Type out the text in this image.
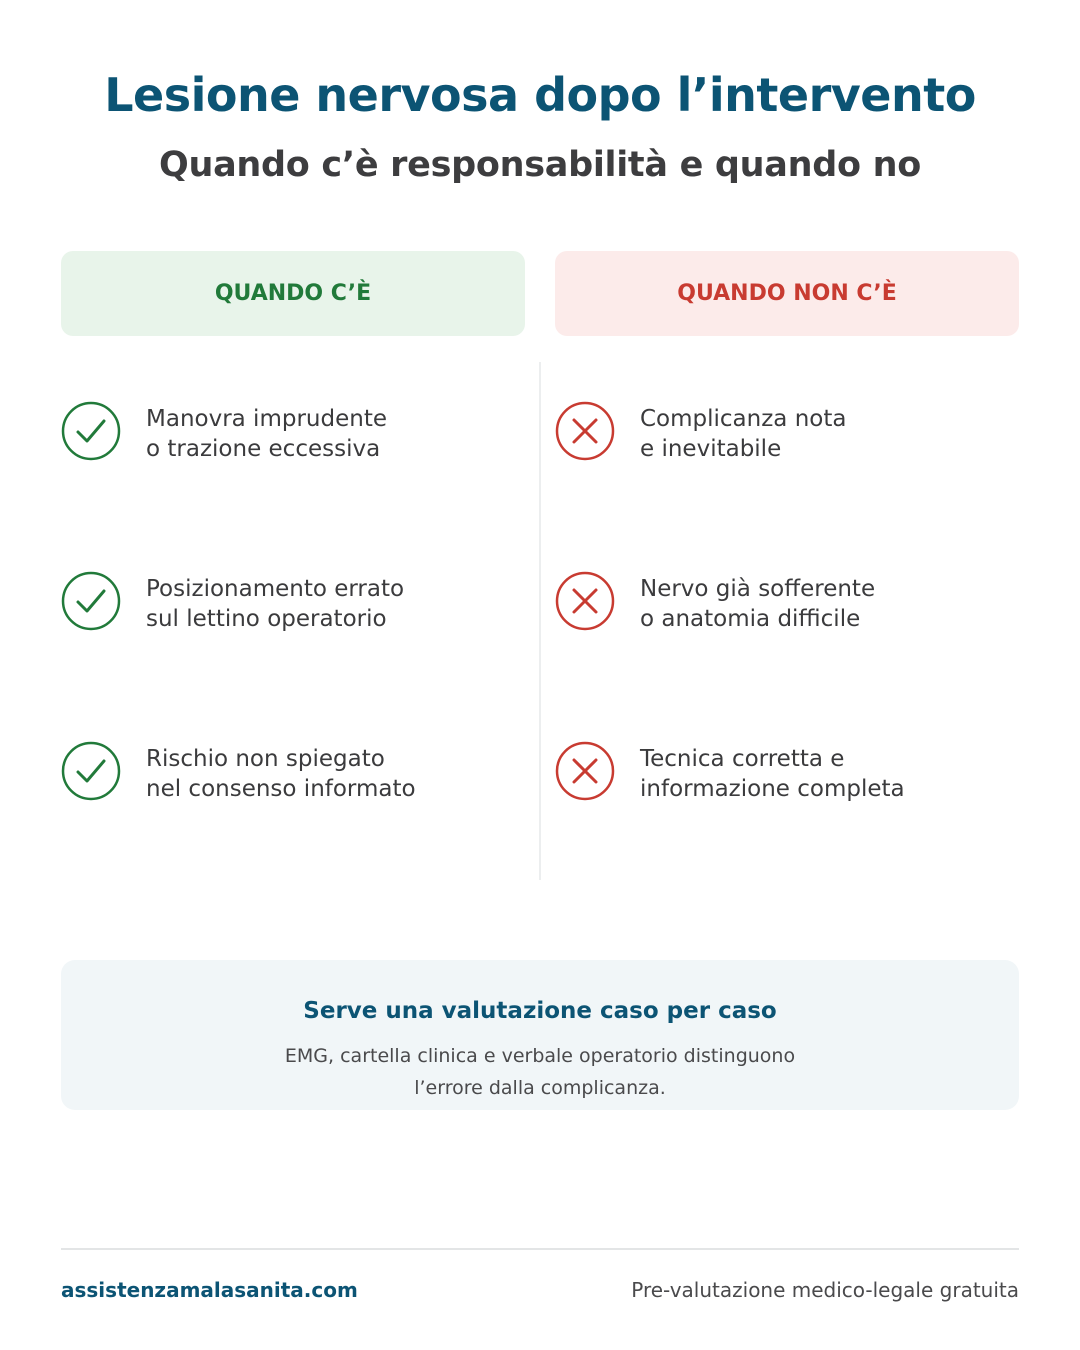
Lesione nervosa dopo l’intervento
Quando c’è responsabilità e quando no
QUANDO C’È	QUANDO NON C’È
Manovra imprudente
o trazione eccessiva
Posizionamento errato
sul lettino operatorio
Rischio non spiegato
nel consenso informato
Complicanza nota
e inevitabile
Nervo già sofferente
o anatomia difficile
Tecnica corretta e
informazione completa
Serve una valutazione caso per caso
EMG, cartella clinica e verbale operatorio distinguono
l’errore dalla complicanza.
assistenzamalasanita.com	Pre-valutazione medico-legale gratuita
